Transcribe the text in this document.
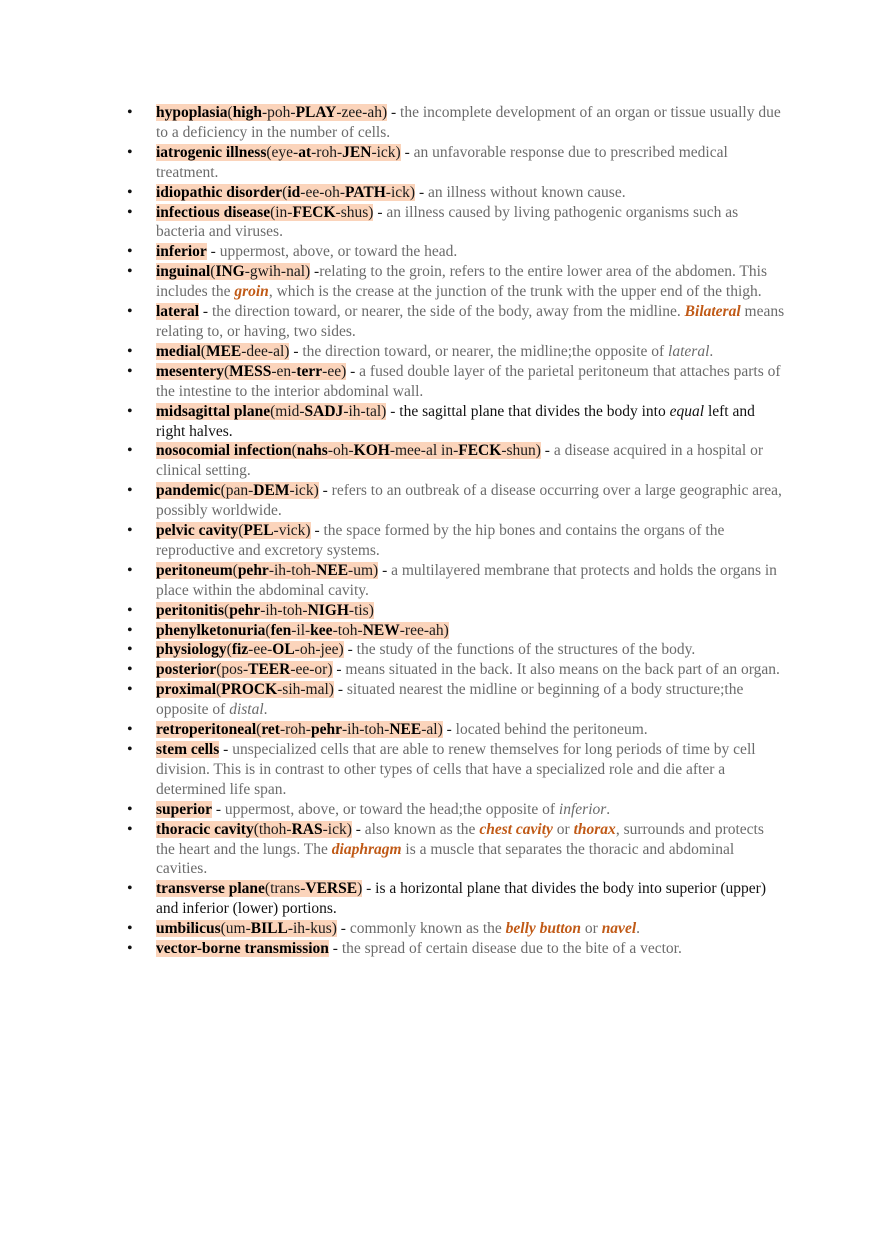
• hypoplasia(high-poh-PLAY-zee-ah) - the incomplete development of an organ or tissue usually due to a deficiency in the number of cells.
• iatrogenic illness(eye-at-roh-JEN-ick) - an unfavorable response due to prescribed medical treatment.
• idiopathic disorder(id-ee-oh-PATH-ick) - an illness without known cause.
• infectious disease(in-FECK-shus) - an illness caused by living pathogenic organisms such as bacteria and viruses.
• inferior - uppermost, above, or toward the head.
• inguinal(ING-gwih-nal) -relating to the groin, refers to the entire lower area of the abdomen. This includes the groin, which is the crease at the junction of the trunk with the upper end of the thigh.
• lateral - the direction toward, or nearer, the side of the body, away from the midline. Bilateral means relating to, or having, two sides.
• medial(MEE-dee-al) - the direction toward, or nearer, the midline;the opposite of lateral.
• mesentery(MESS-en-terr-ee) - a fused double layer of the parietal peritoneum that attaches parts of the intestine to the interior abdominal wall.
• midsagittal plane(mid-SADJ-ih-tal) - the sagittal plane that divides the body into equal left and right halves.
• nosocomial infection(nahs-oh-KOH-mee-al in-FECK-shun) - a disease acquired in a hospital or clinical setting.
• pandemic(pan-DEM-ick) - refers to an outbreak of a disease occurring over a large geographic area, possibly worldwide.
• pelvic cavity(PEL-vick) - the space formed by the hip bones and contains the organs of the reproductive and excretory systems.
• peritoneum(pehr-ih-toh-NEE-um) - a multilayered membrane that protects and holds the organs in place within the abdominal cavity.
• peritonitis(pehr-ih-toh-NIGH-tis)
• phenylketonuria(fen-il-kee-toh-NEW-ree-ah)
• physiology(fiz-ee-OL-oh-jee) - the study of the functions of the structures of the body.
• posterior(pos-TEER-ee-or) - means situated in the back. It also means on the back part of an organ.
• proximal(PROCK-sih-mal) - situated nearest the midline or beginning of a body structure;the opposite of distal.
• retroperitoneal(ret-roh-pehr-ih-toh-NEE-al) - located behind the peritoneum.
• stem cells - unspecialized cells that are able to renew themselves for long periods of time by cell division. This is in contrast to other types of cells that have a specialized role and die after a determined life span.
• superior - uppermost, above, or toward the head;the opposite of inferior.
• thoracic cavity(thoh-RAS-ick) - also known as the chest cavity or thorax, surrounds and protects the heart and the lungs. The diaphragm is a muscle that separates the thoracic and abdominal cavities.
• transverse plane(trans-VERSE) - is a horizontal plane that divides the body into superior (upper) and inferior (lower) portions.
• umbilicus(um-BILL-ih-kus) - commonly known as the belly button or navel.
• vector-borne transmission - the spread of certain disease due to the bite of a vector.
